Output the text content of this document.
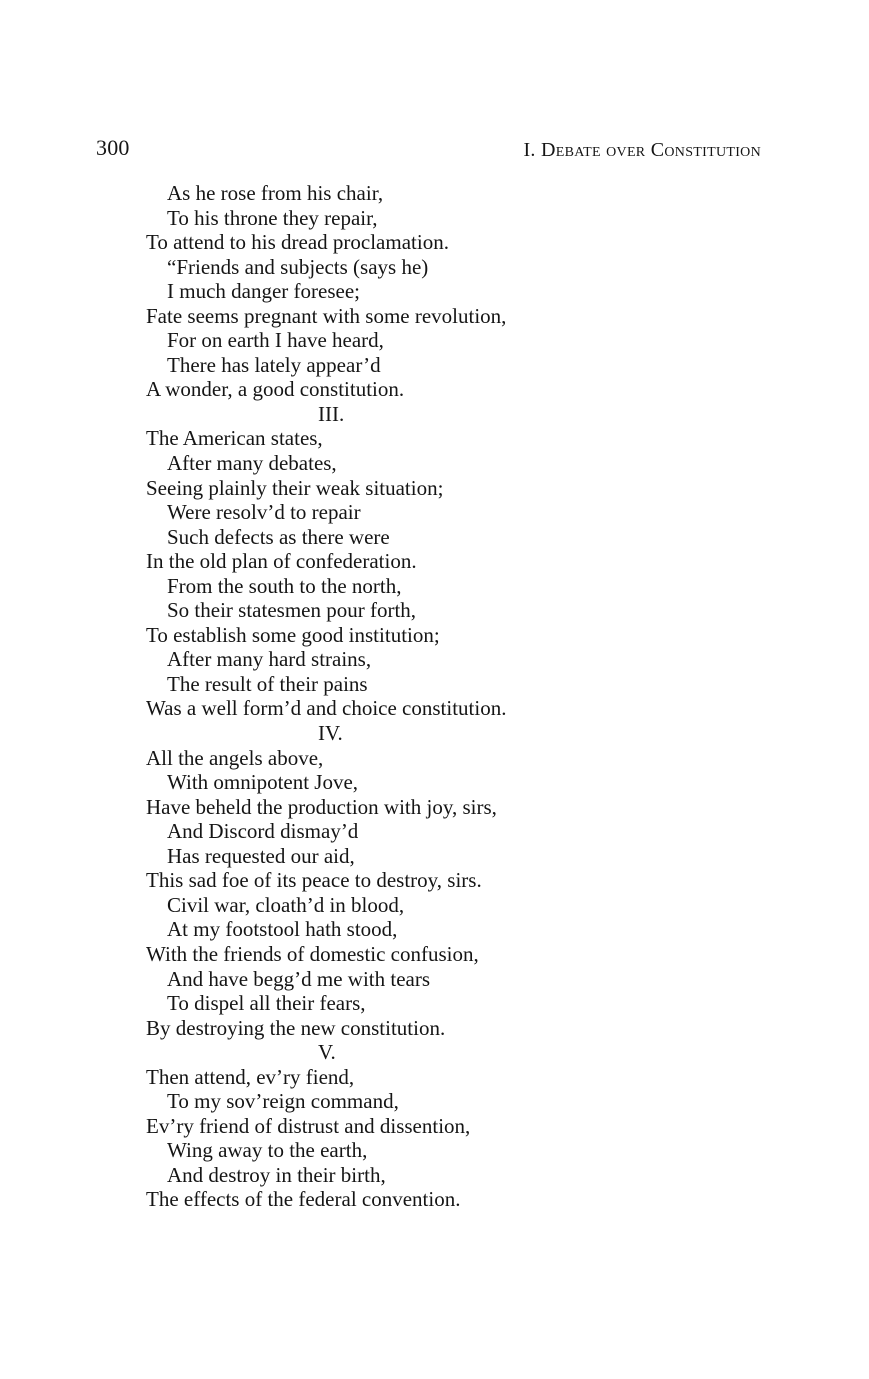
300	I. Debate over Constitution
As he rose from his chair,
To his throne they repair,
To attend to his dread proclamation.
“Friends and subjects (says he)
I much danger foresee;
Fate seems pregnant with some revolution,
For on earth I have heard,
There has lately appear’d
A wonder, a good constitution.
III.
The American states,
After many debates,
Seeing plainly their weak situation;
Were resolv’d to repair
Such defects as there were
In the old plan of confederation.
From the south to the north,
So their statesmen pour forth,
To establish some good institution;
After many hard strains,
The result of their pains
Was a well form’d and choice constitution.
IV.
All the angels above,
With omnipotent Jove,
Have beheld the production with joy, sirs,
And Discord dismay’d
Has requested our aid,
This sad foe of its peace to destroy, sirs.
Civil war, cloath’d in blood,
At my footstool hath stood,
With the friends of domestic confusion,
And have begg’d me with tears
To dispel all their fears,
By destroying the new constitution.
V.
Then attend, ev’ry fiend,
To my sov’reign command,
Ev’ry friend of distrust and dissention,
Wing away to the earth,
And destroy in their birth,
The effects of the federal convention.
